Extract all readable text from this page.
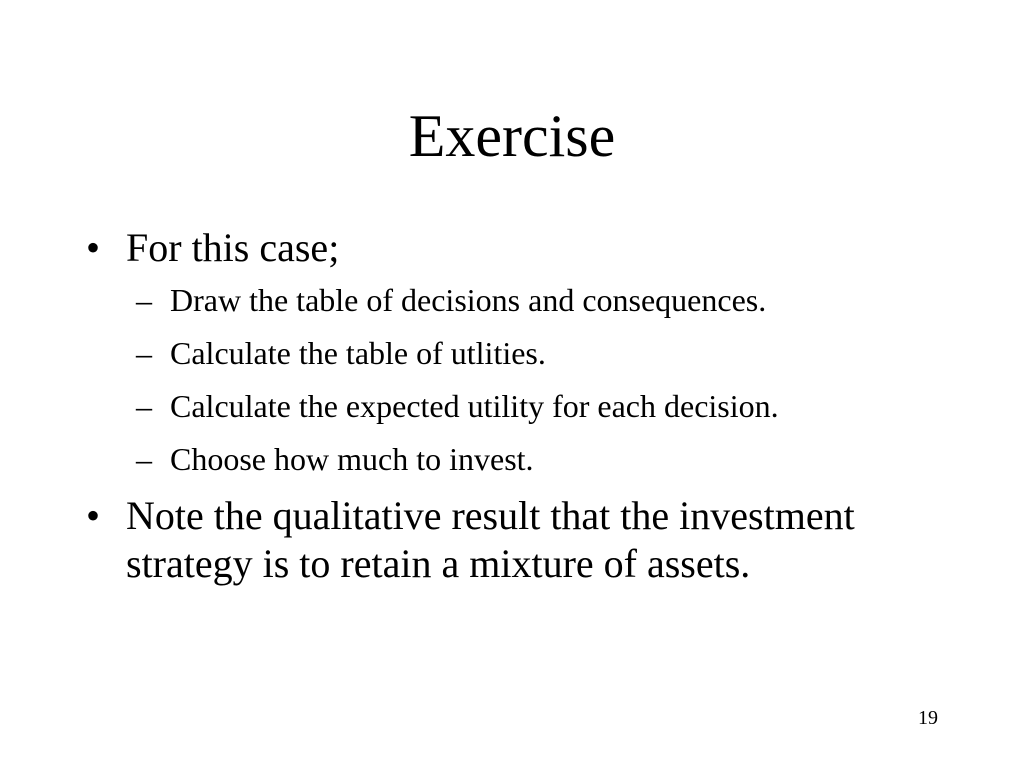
Exercise
• For this case;
– Draw the table of decisions and consequences.
– Calculate the table of utlities.
– Calculate the expected utility for each decision.
– Choose how much to invest.
• Note the qualitative result that the investment strategy is to retain a mixture of assets.
19
